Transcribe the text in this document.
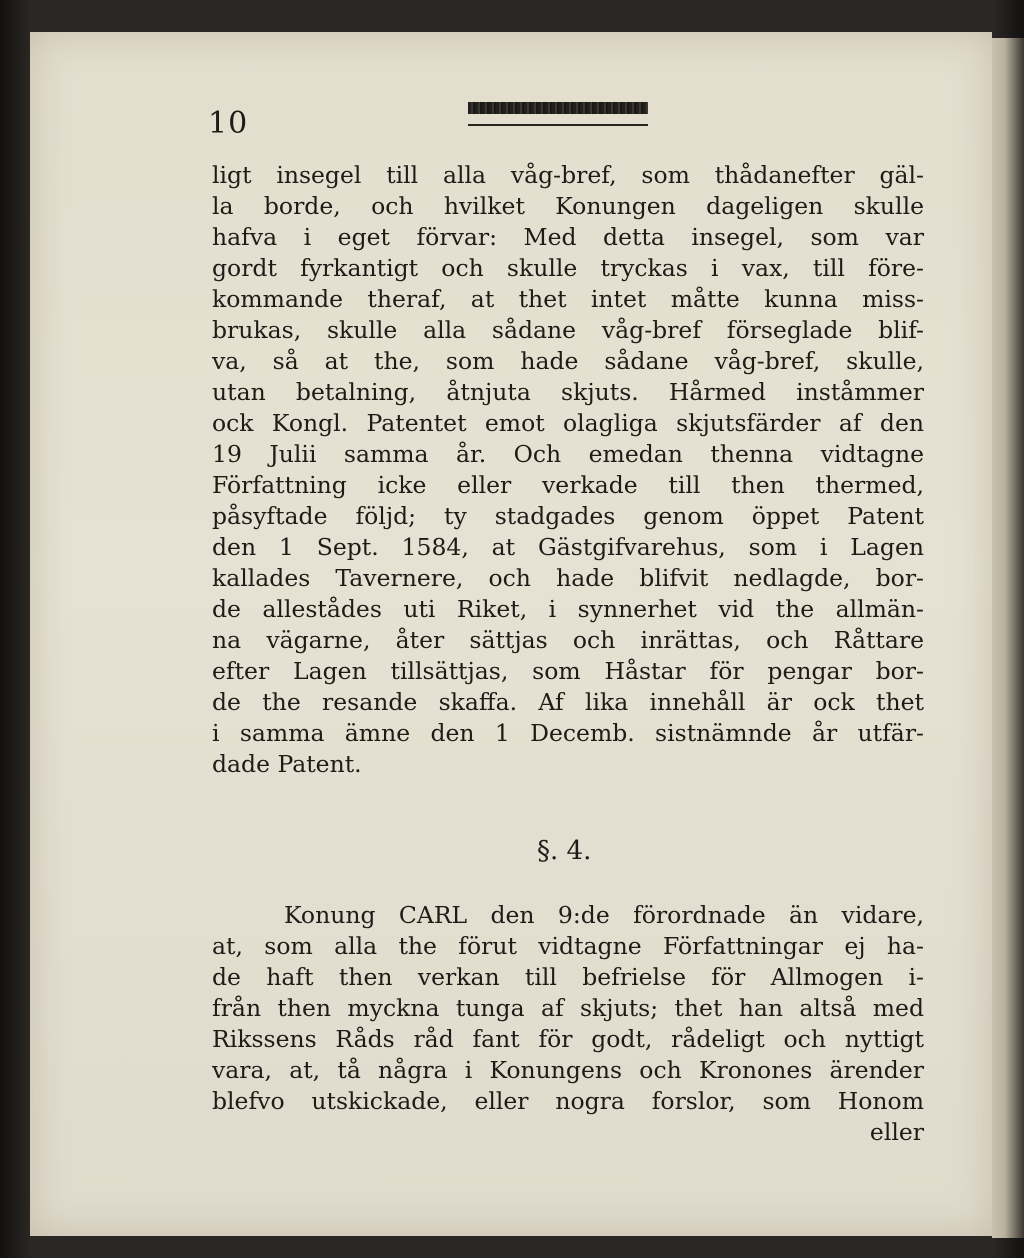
10
ligt insegel till alla våg-bref, som thådanefter gäl-
la borde, och hvilket Konungen dageligen skulle
hafva i eget förvar: Med detta insegel, som var
gordt fyrkantigt och skulle tryckas i vax, till före-
kommande theraf, at thet intet måtte kunna miss-
brukas, skulle alla sådane våg-bref förseglade blif-
va, så at the, som hade sådane våg-bref, skulle,
utan betalning, åtnjuta skjuts. Hårmed inståmmer
ock Kongl. Patentet emot olagliga skjutsfärder af den
19 Julii samma år. Och emedan thenna vidtagne
Författning icke eller verkade till then thermed,
påsyftade följd; ty stadgades genom öppet Patent
den 1 Sept. 1584, at Gästgifvarehus, som i Lagen
kallades Tavernere, och hade blifvit nedlagde, bor-
de allestådes uti Riket, i synnerhet vid the allmän-
na vägarne, åter sättjas och inrättas, och Råttare
efter Lagen tillsättjas, som Håstar för pengar bor-
de the resande skaffa. Af lika innehåll är ock thet
i samma ämne den 1 Decemb. sistnämnde år utfär-
dade Patent.
§. 4.
Konung CARL den 9:de förordnade än vidare,
at, som alla the förut vidtagne Författningar ej ha-
de haft then verkan till befrielse för Allmogen i-
från then myckna tunga af skjuts; thet han altså med
Rikssens Råds råd fant för godt, rådeligt och nyttigt
vara, at, tå några i Konungens och Kronones ärender
blefvo utskickade, eller nogra forslor, som Honom
eller
